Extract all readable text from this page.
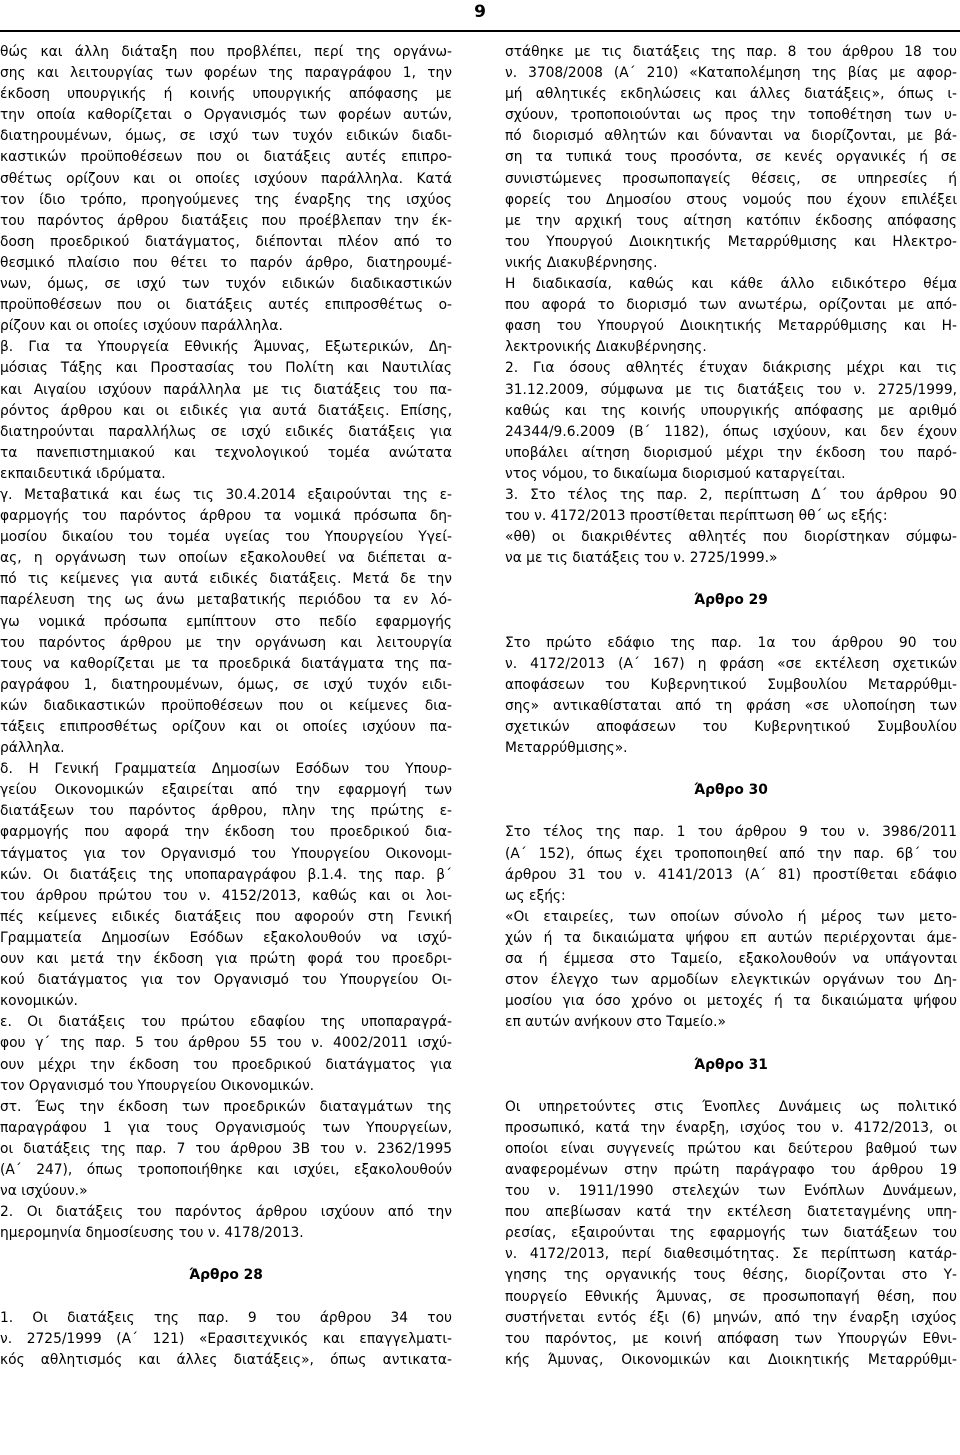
9
θώς και άλλη διάταξη που προβλέπει, περί της οργάνω-
σης και λειτουργίας των φορέων της παραγράφου 1, την
έκδοση υπουργικής ή κοινής υπουργικής απόφασης με
την οποία καθορίζεται ο Οργανισμός των φορέων αυτών,
διατηρουμένων, όμως, σε ισχύ των τυχόν ειδικών διαδι-
καστικών προϋποθέσεων που οι διατάξεις αυτές επιπρο-
σθέτως ορίζουν και οι οποίες ισχύουν παράλληλα. Κατά
τον ίδιο τρόπο, προηγούμενες της έναρξης της ισχύος
του παρόντος άρθρου διατάξεις που προέβλεπαν την έκ-
δοση προεδρικού διατάγματος, διέπονται πλέον από το
θεσμικό πλαίσιο που θέτει το παρόν άρθρο, διατηρουμέ-
νων, όμως, σε ισχύ των τυχόν ειδικών διαδικαστικών
προϋποθέσεων που οι διατάξεις αυτές επιπροσθέτως ο-
ρίζουν και οι οποίες ισχύουν παράλληλα.
β. Για τα Υπουργεία Εθνικής Άμυνας, Εξωτερικών, Δη-
μόσιας Τάξης και Προστασίας του Πολίτη και Ναυτιλίας
και Αιγαίου ισχύουν παράλληλα με τις διατάξεις του πα-
ρόντος άρθρου και οι ειδικές για αυτά διατάξεις. Επίσης,
διατηρούνται παραλλήλως σε ισχύ ειδικές διατάξεις για
τα πανεπιστημιακού και τεχνολογικού τομέα ανώτατα
εκπαιδευτικά ιδρύματα.
γ. Μεταβατικά και έως τις 30.4.2014 εξαιρούνται της ε-
φαρμογής του παρόντος άρθρου τα νομικά πρόσωπα δη-
μοσίου δικαίου του τομέα υγείας του Υπουργείου Υγεί-
ας, η οργάνωση των οποίων εξακολουθεί να διέπεται α-
πό τις κείμενες για αυτά ειδικές διατάξεις. Μετά δε την
παρέλευση της ως άνω μεταβατικής περιόδου τα εν λό-
γω νομικά πρόσωπα εμπίπτουν στο πεδίο εφαρμογής
του παρόντος άρθρου με την οργάνωση και λειτουργία
τους να καθορίζεται με τα προεδρικά διατάγματα της πα-
ραγράφου 1, διατηρουμένων, όμως, σε ισχύ τυχόν ειδι-
κών διαδικαστικών προϋποθέσεων που οι κείμενες δια-
τάξεις επιπροσθέτως ορίζουν και οι οποίες ισχύουν πα-
ράλληλα.
δ. Η Γενική Γραμματεία Δημοσίων Εσόδων του Υπουρ-
γείου Οικονομικών εξαιρείται από την εφαρμογή των
διατάξεων του παρόντος άρθρου, πλην της πρώτης ε-
φαρμογής που αφορά την έκδοση του προεδρικού δια-
τάγματος για τον Οργανισμό του Υπουργείου Οικονομι-
κών. Οι διατάξεις της υποπαραγράφου β.1.4. της παρ. β΄
του άρθρου πρώτου του ν. 4152/2013, καθώς και οι λοι-
πές κείμενες ειδικές διατάξεις που αφορούν στη Γενική
Γραμματεία Δημοσίων Εσόδων εξακολουθούν να ισχύ-
ουν και μετά την έκδοση για πρώτη φορά του προεδρι-
κού διατάγματος για τον Οργανισμό του Υπουργείου Οι-
κονομικών.
ε. Οι διατάξεις του πρώτου εδαφίου της υποπαραγρά-
φου γ΄ της παρ. 5 του άρθρου 55 του ν. 4002/2011 ισχύ-
ουν μέχρι την έκδοση του προεδρικού διατάγματος για
τον Οργανισμό του Υπουργείου Οικονομικών.
στ. Έως την έκδοση των προεδρικών διαταγμάτων της
παραγράφου 1 για τους Οργανισμούς των Υπουργείων,
οι διατάξεις της παρ. 7 του άρθρου 3Β του ν. 2362/1995
(Α΄ 247), όπως τροποποιήθηκε και ισχύει, εξακολουθούν
να ισχύουν.»
2. Οι διατάξεις του παρόντος άρθρου ισχύουν από την
ημερομηνία δημοσίευσης του ν. 4178/2013.
Άρθρο 28
1. Οι διατάξεις της παρ. 9 του άρθρου 34 του
ν. 2725/1999 (Α΄ 121) «Ερασιτεχνικός και επαγγελματι-
κός αθλητισμός και άλλες διατάξεις», όπως αντικατα-
στάθηκε με τις διατάξεις της παρ. 8 του άρθρου 18 του
ν. 3708/2008 (Α΄ 210) «Καταπολέμηση της βίας με αφορ-
μή αθλητικές εκδηλώσεις και άλλες διατάξεις», όπως ι-
σχύουν, τροποποιούνται ως προς την τοποθέτηση των υ-
πό διορισμό αθλητών και δύνανται να διορίζονται, με βά-
ση τα τυπικά τους προσόντα, σε κενές οργανικές ή σε
συνιστώμενες προσωποπαγείς θέσεις, σε υπηρεσίες ή
φορείς του Δημοσίου στους νομούς που έχουν επιλέξει
με την αρχική τους αίτηση κατόπιν έκδοσης απόφασης
του Υπουργού Διοικητικής Μεταρρύθμισης και Ηλεκτρο-
νικής Διακυβέρνησης.
Η διαδικασία, καθώς και κάθε άλλο ειδικότερο θέμα
που αφορά το διορισμό των ανωτέρω, ορίζονται με από-
φαση του Υπουργού Διοικητικής Μεταρρύθμισης και Η-
λεκτρονικής Διακυβέρνησης.
2. Για όσους αθλητές έτυχαν διάκρισης μέχρι και τις
31.12.2009, σύμφωνα με τις διατάξεις του ν. 2725/1999,
καθώς και της κοινής υπουργικής απόφασης με αριθμό
24344/9.6.2009 (Β΄ 1182), όπως ισχύουν, και δεν έχουν
υποβάλει αίτηση διορισμού μέχρι την έκδοση του παρό-
ντος νόμου, το δικαίωμα διορισμού καταργείται.
3. Στο τέλος της παρ. 2, περίπτωση Δ΄ του άρθρου 90
του ν. 4172/2013 προστίθεται περίπτωση θθ΄ ως εξής:
«θθ) οι διακριθέντες αθλητές που διορίστηκαν σύμφω-
να με τις διατάξεις του ν. 2725/1999.»
Άρθρο 29
Στο πρώτο εδάφιο της παρ. 1α του άρθρου 90 του
ν. 4172/2013 (Α΄ 167) η φράση «σε εκτέλεση σχετικών
αποφάσεων του Κυβερνητικού Συμβουλίου Μεταρρύθμι-
σης» αντικαθίσταται από τη φράση «σε υλοποίηση των
σχετικών αποφάσεων του Κυβερνητικού Συμβουλίου
Μεταρρύθμισης».
Άρθρο 30
Στο τέλος της παρ. 1 του άρθρου 9 του ν. 3986/2011
(Α΄ 152), όπως έχει τροποποιηθεί από την παρ. 6β΄ του
άρθρου 31 του ν. 4141/2013 (Α΄ 81) προστίθεται εδάφιο
ως εξής:
«Οι εταιρείες, των οποίων σύνολο ή μέρος των μετο-
χών ή τα δικαιώματα ψήφου επ αυτών περιέρχονται άμε-
σα ή έμμεσα στο Ταμείο, εξακολουθούν να υπάγονται
στον έλεγχο των αρμοδίων ελεγκτικών οργάνων του Δη-
μοσίου για όσο χρόνο οι μετοχές ή τα δικαιώματα ψήφου
επ αυτών ανήκουν στο Ταμείο.»
Άρθρο 31
Οι υπηρετούντες στις Ένοπλες Δυνάμεις ως πολιτικό
προσωπικό, κατά την έναρξη, ισχύος του ν. 4172/2013, οι
οποίοι είναι συγγενείς πρώτου και δεύτερου βαθμού των
αναφερομένων στην πρώτη παράγραφο του άρθρου 19
του ν. 1911/1990 στελεχών των Ενόπλων Δυνάμεων,
που απεβίωσαν κατά την εκτέλεση διατεταγμένης υπη-
ρεσίας, εξαιρούνται της εφαρμογής των διατάξεων του
ν. 4172/2013, περί διαθεσιμότητας. Σε περίπτωση κατάρ-
γησης της οργανικής τους θέσης, διορίζονται στο Υ-
πουργείο Εθνικής Άμυνας, σε προσωποπαγή θέση, που
συστήνεται εντός έξι (6) μηνών, από την έναρξη ισχύος
του παρόντος, με κοινή απόφαση των Υπουργών Εθνι-
κής Άμυνας, Οικονομικών και Διοικητικής Μεταρρύθμι-
